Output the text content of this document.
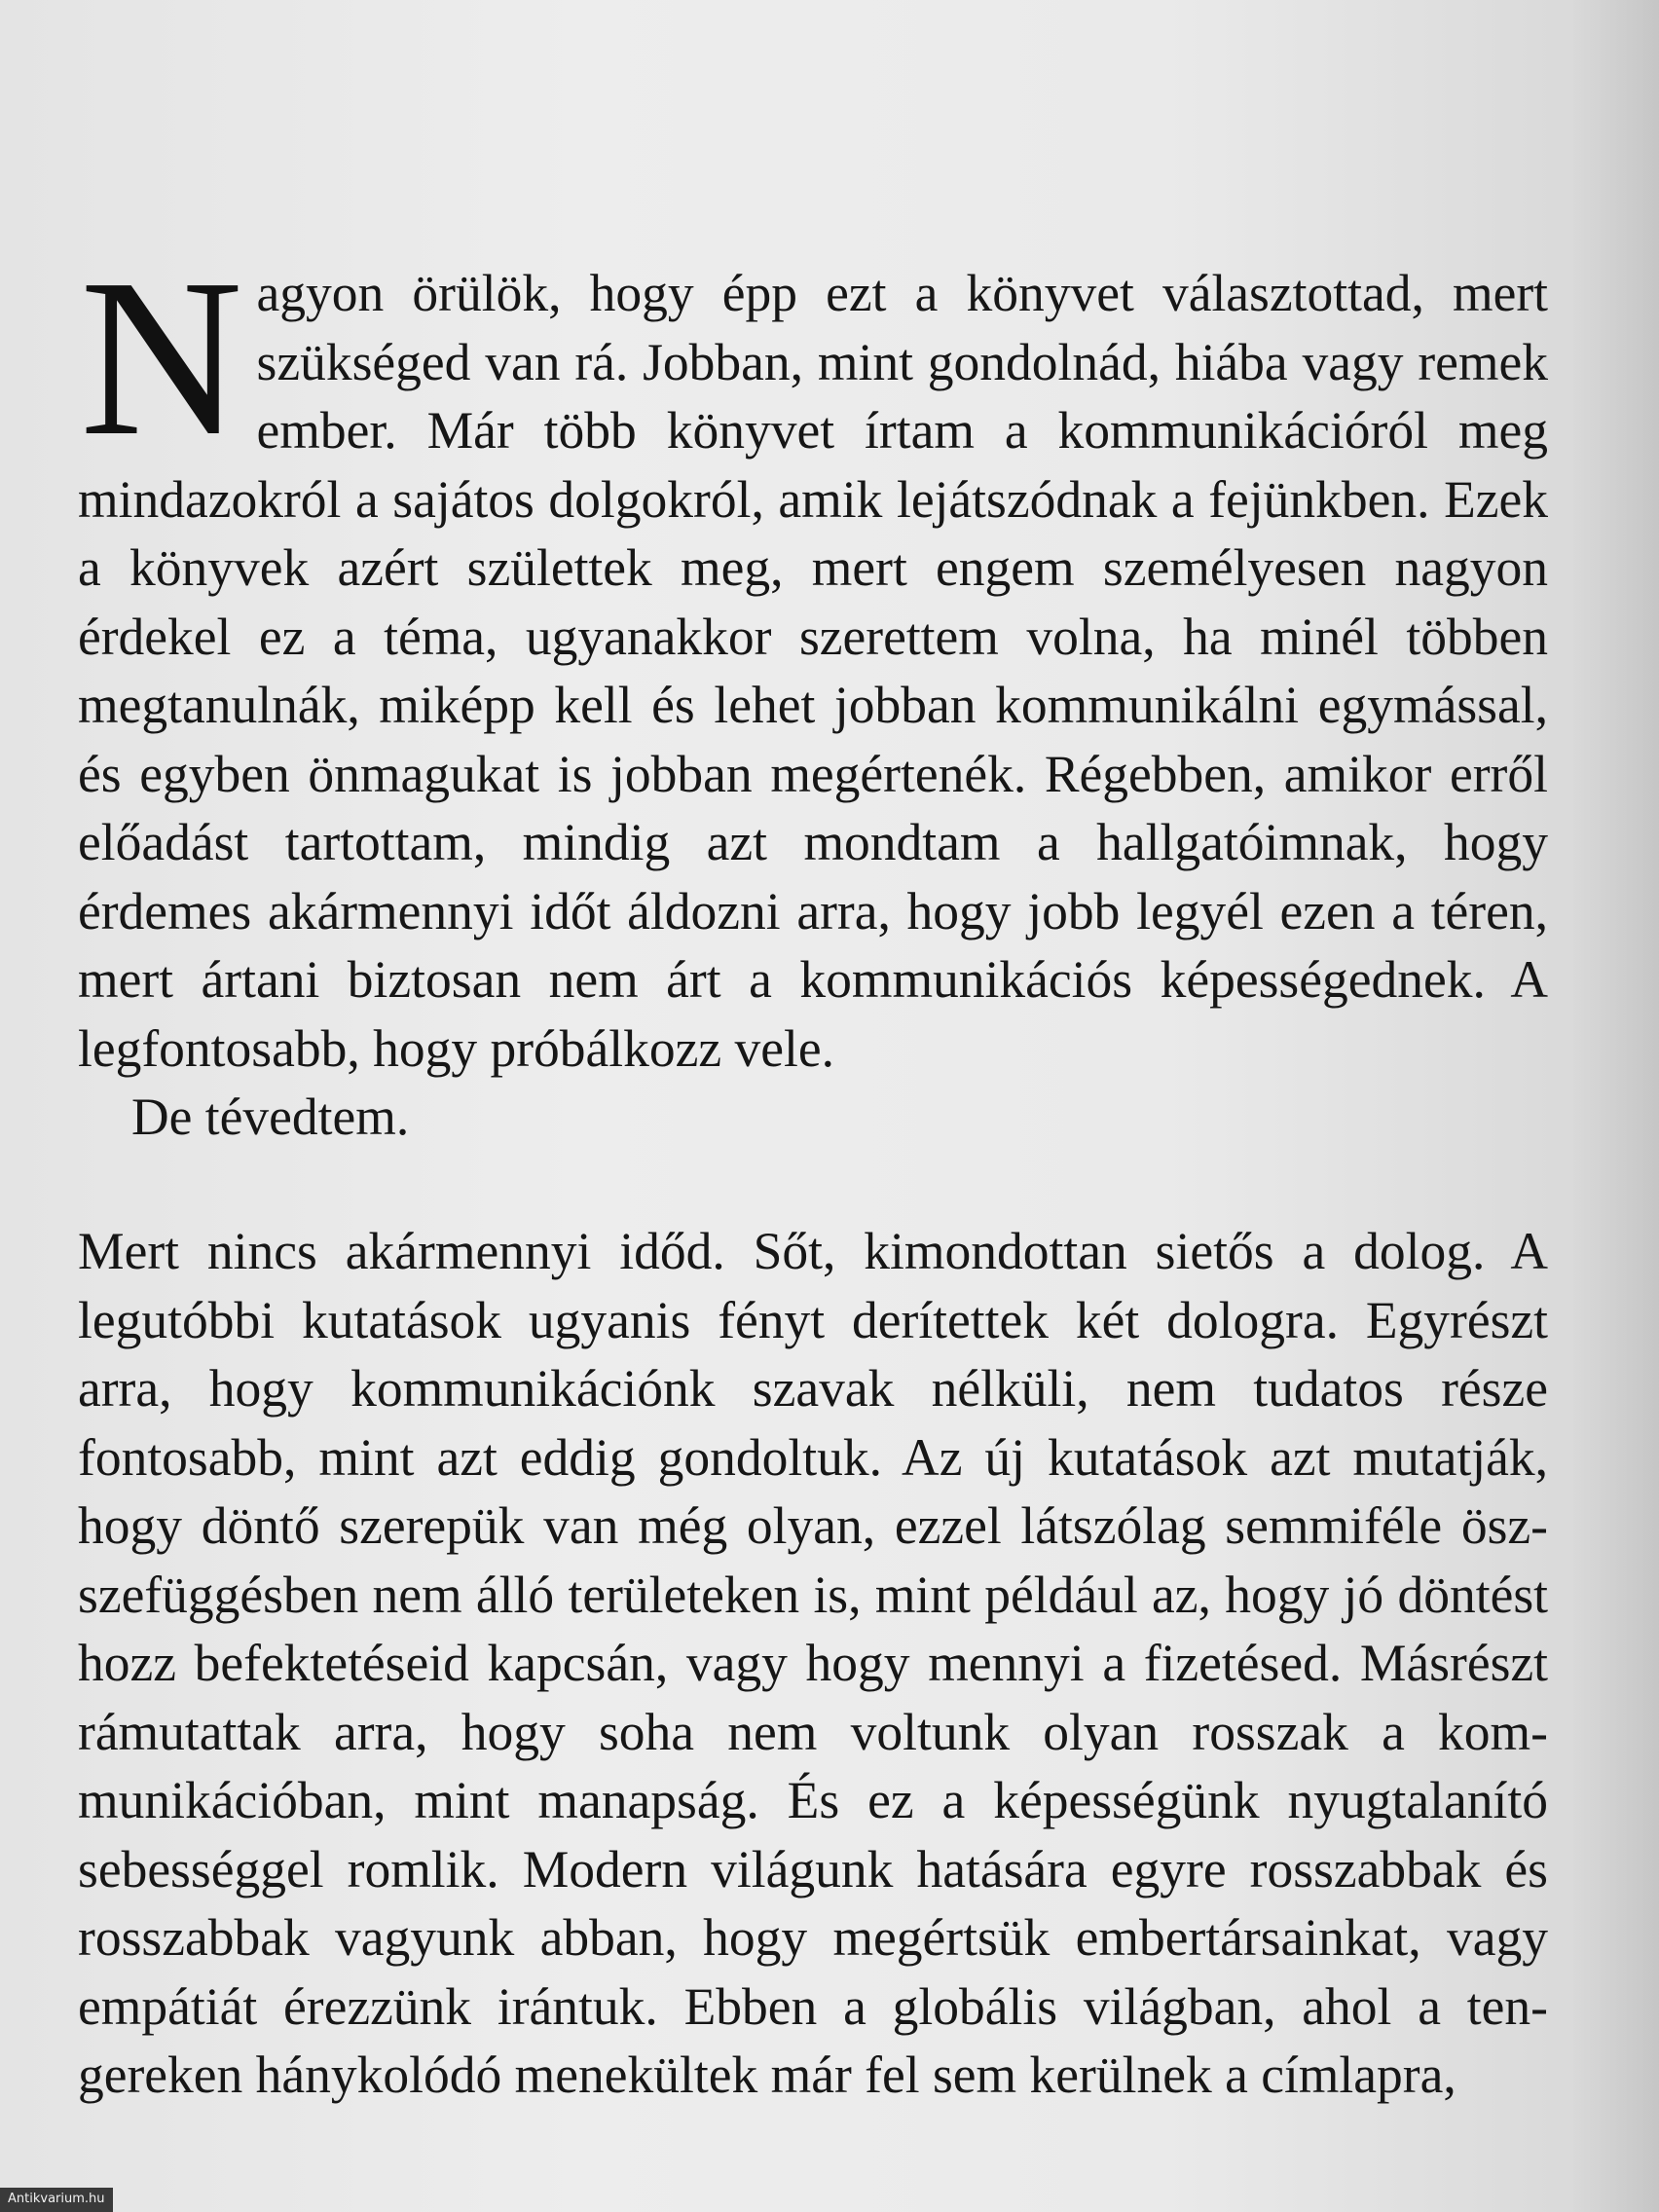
N agyon örülök, hogy épp ezt a könyvet választottad, mert szükséged van rá. Jobban, mint gondolnád, hiába vagy remek ember. Már több könyvet írtam a kommunikációról meg mindazokról a sajátos dolgokról, amik lejátszódnak a fejünkben. Ezek a könyvek azért születtek meg, mert engem személyesen nagyon érdekel ez a téma, ugyanakkor szerettem volna, ha minél többen megtanulnák, miképp kell és lehet jobban kommunikálni egymással, és egyben önmagukat is jobban megértenék. Régebben, amikor erről előadást tartottam, mindig azt mondtam a hallgatóimnak, hogy érdemes akármennyi időt áldozni arra, hogy jobb legyél ezen a téren, mert ártani biztosan nem árt a kommunikációs képességednek. A legfontosabb, hogy próbálkozz vele.

De tévedtem.

Mert nincs akármennyi időd. Sőt, kimondottan sietős a dolog. A legutóbbi kutatások ugyanis fényt derítettek két dologra. Egyrészt arra, hogy kommunikációnk szavak nélküli, nem tudatos része fontosabb, mint azt eddig gondoltuk. Az új kutatások azt mutatják, hogy döntő szerepük van még olyan, ezzel látszólag semmiféle öszszefüggésben nem álló területeken is, mint például az, hogy jó döntést hozz befektetéseid kapcsán, vagy hogy mennyi a fizetésed. Másrészt rámutattak arra, hogy soha nem voltunk olyan rosszak a kommunikációban, mint manapság. És ez a képességünk nyugtalanító sebességgel romlik. Modern világunk hatására egyre rosszabbak és rosszabbak vagyunk abban, hogy megértsük embertársainkat, vagy empátiát érezzünk irántuk. Ebben a globális világban, ahol a tengereken hánykolódó menekültek már fel sem kerülnek a címlapra,

Antikvarium.hu
